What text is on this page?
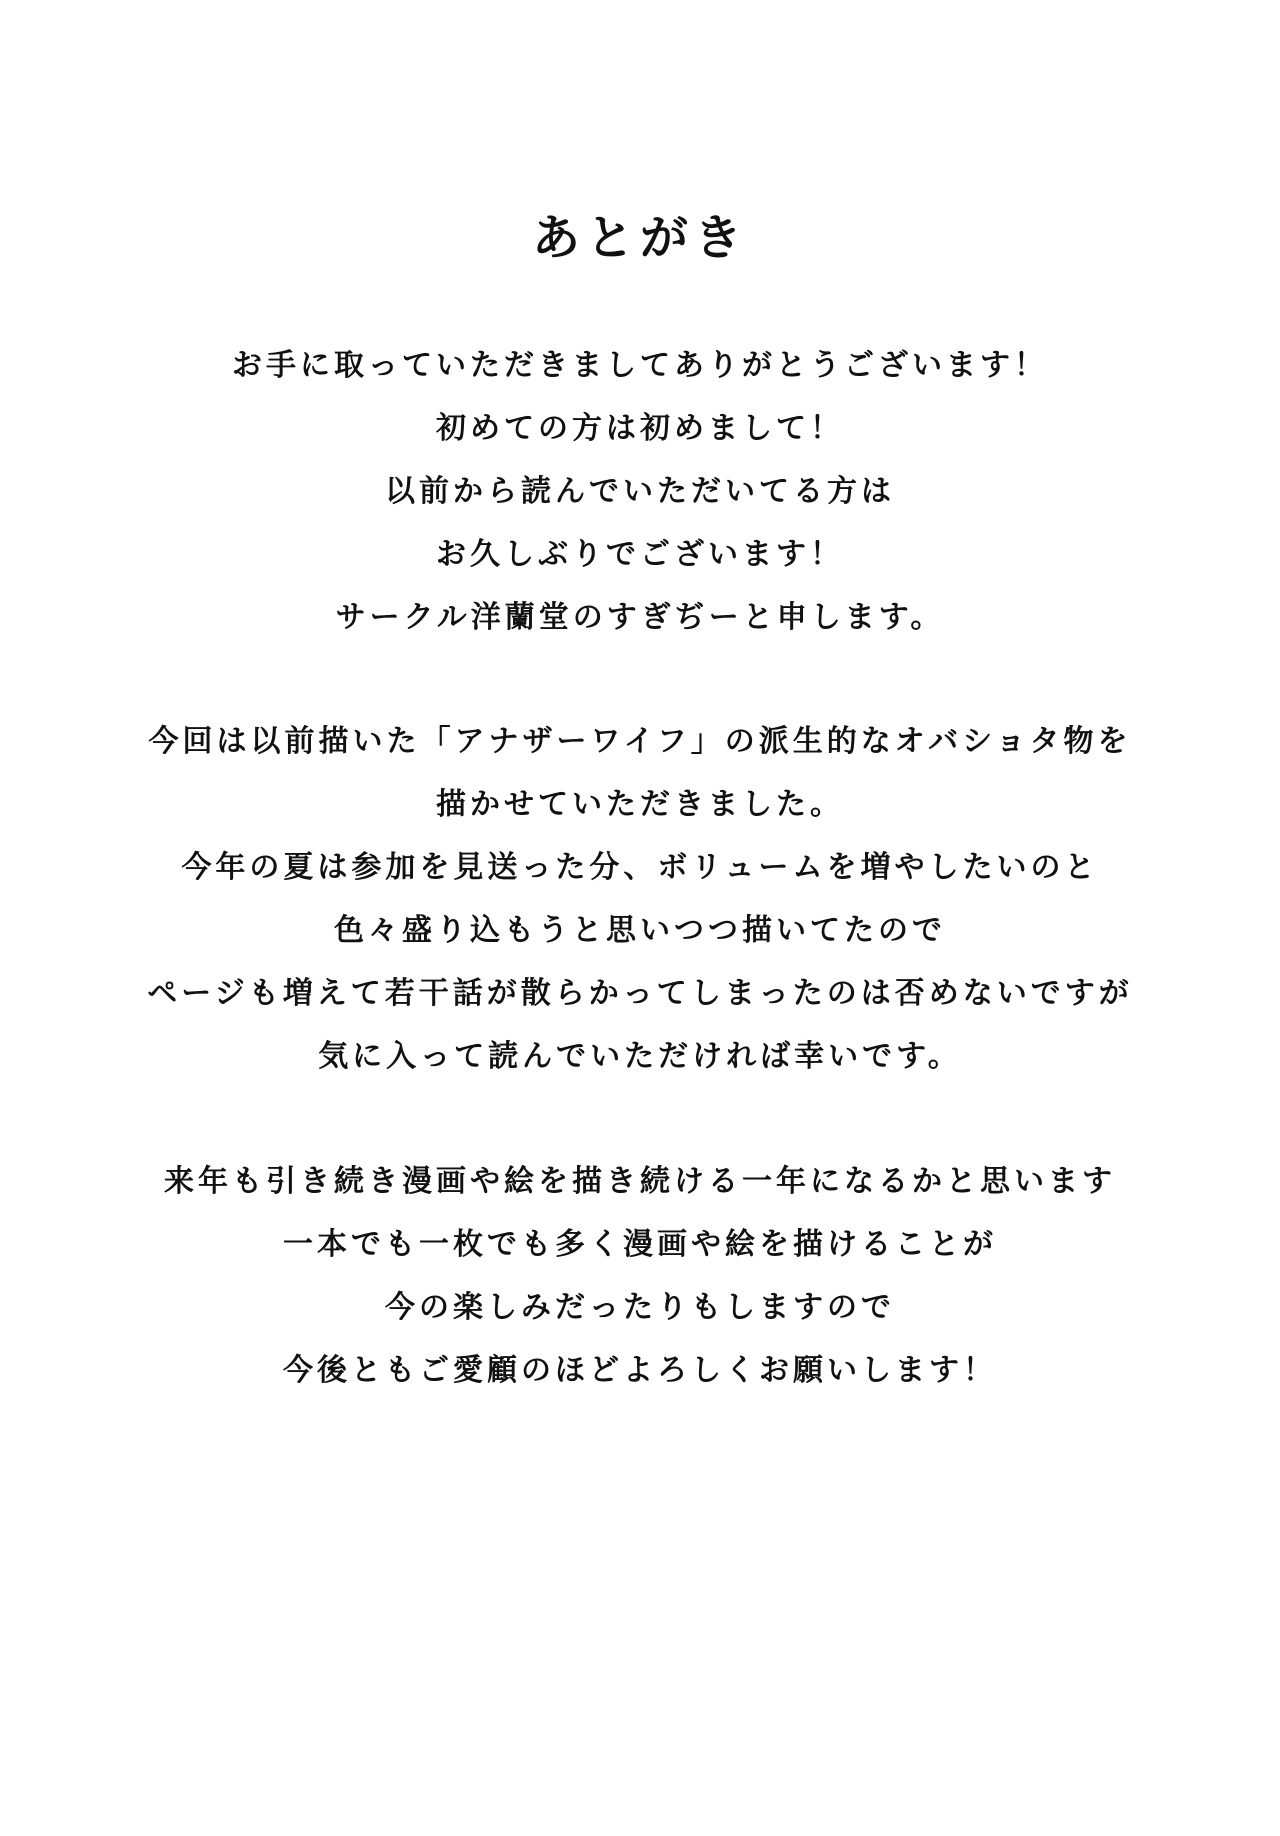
あとがき
お手に取っていただきましてありがとうございます！
初めての方は初めまして！
以前から読んでいただいてる方は
お久しぶりでございます！
サークル洋蘭堂のすぎぢーと申します。
今回は以前描いた「アナザーワイフ」の派生的なオバショタ物を
描かせていただきました。
今年の夏は参加を見送った分、ボリュームを増やしたいのと
色々盛り込もうと思いつつ描いてたので
ページも増えて若干話が散らかってしまったのは否めないですが
気に入って読んでいただければ幸いです。
来年も引き続き漫画や絵を描き続ける一年になるかと思います
一本でも一枚でも多く漫画や絵を描けることが
今の楽しみだったりもしますので
今後ともご愛顧のほどよろしくお願いします！
